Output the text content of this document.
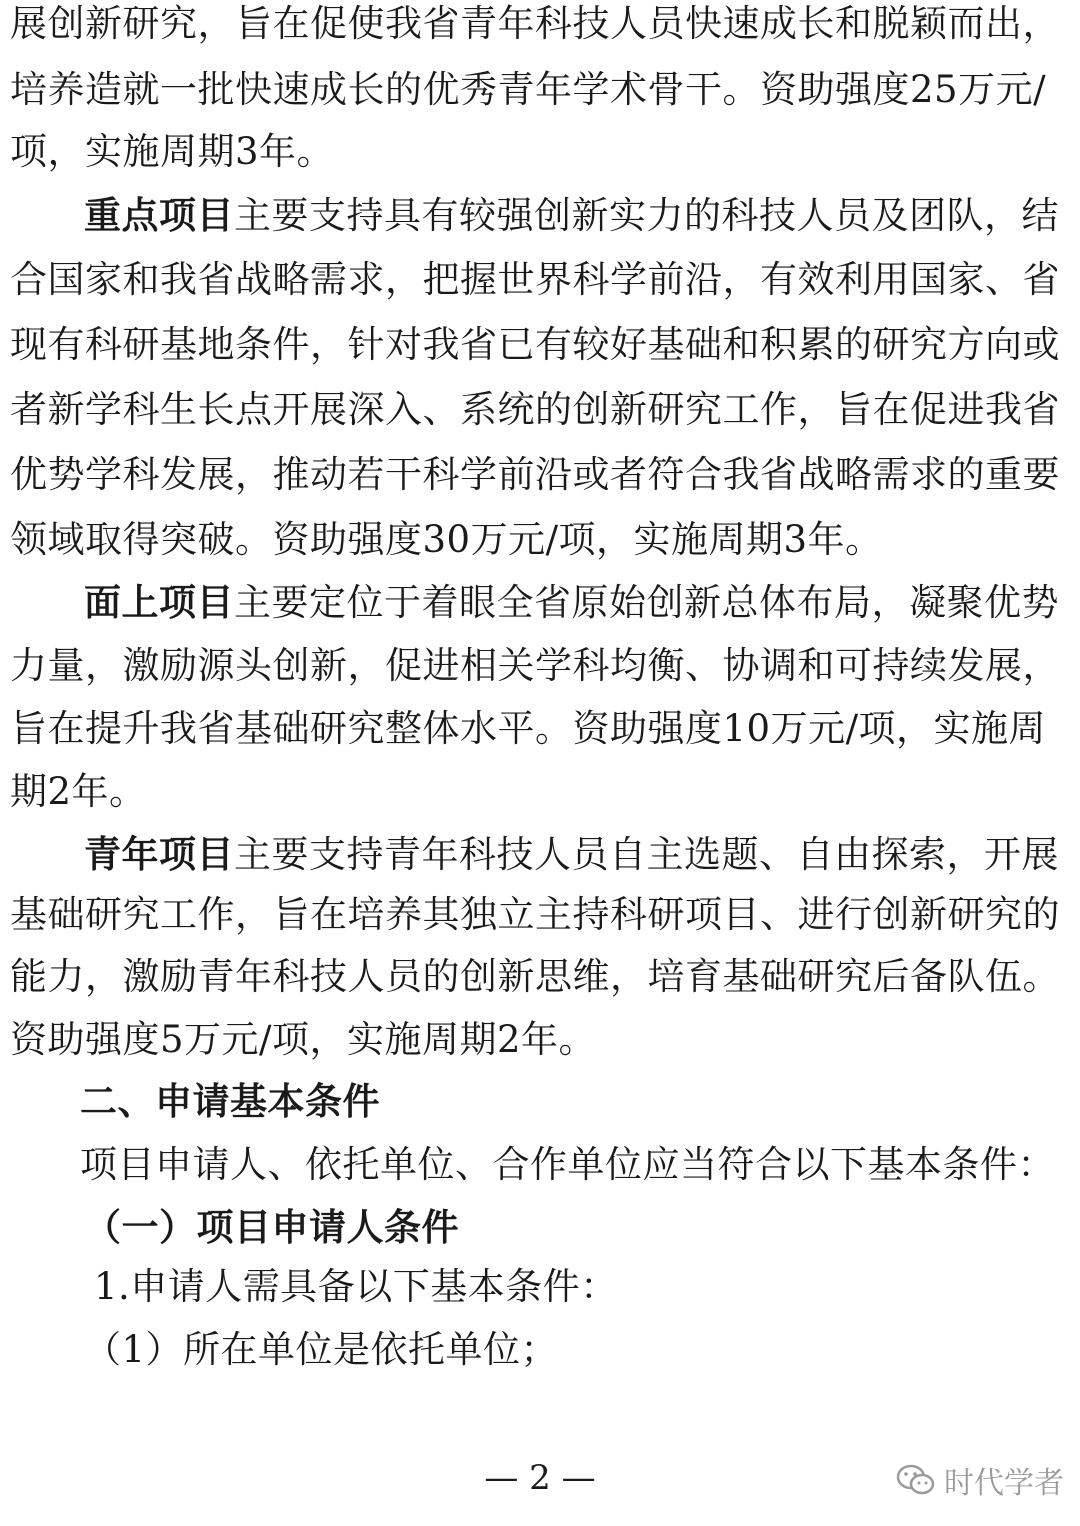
展创新研究，旨在促使我省青年科技人员快速成长和脱颖而出，
培养造就一批快速成长的优秀青年学术骨干。资助强度25万元/
项，实施周期3年。
重点项目主要支持具有较强创新实力的科技人员及团队，结
合国家和我省战略需求，把握世界科学前沿，有效利用国家、省
现有科研基地条件，针对我省已有较好基础和积累的研究方向或
者新学科生长点开展深入、系统的创新研究工作，旨在促进我省
优势学科发展，推动若干科学前沿或者符合我省战略需求的重要
领域取得突破。资助强度30万元/项，实施周期3年。
面上项目主要定位于着眼全省原始创新总体布局，凝聚优势
力量，激励源头创新，促进相关学科均衡、协调和可持续发展，
旨在提升我省基础研究整体水平。资助强度10万元/项，实施周
期2年。
青年项目主要支持青年科技人员自主选题、自由探索，开展
基础研究工作，旨在培养其独立主持科研项目、进行创新研究的
能力，激励青年科技人员的创新思维，培育基础研究后备队伍。
资助强度5万元/项，实施周期2年。
二、申请基本条件
项目申请人、依托单位、合作单位应当符合以下基本条件：
（一）项目申请人条件
1.申请人需具备以下基本条件：
（1）所在单位是依托单位；
— 2 —	时代学者
